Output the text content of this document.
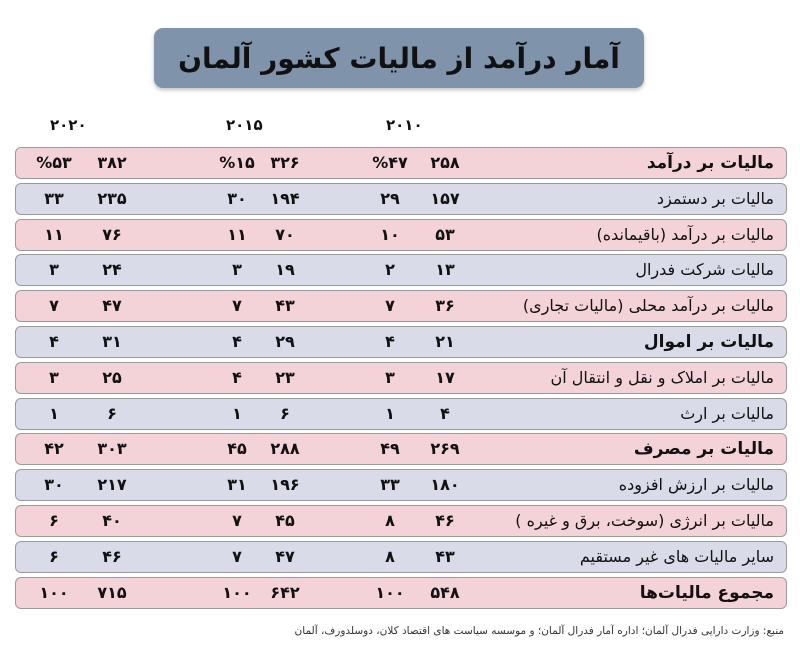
آمار درآمد از مالیات کشور آلمان
۲۰۲۰	۲۰۱۵	۲۰۱۰
مالیات بر درآمد
۲۵۸
%۴۷
۳۲۶
%۱۵
۳۸۲
%۵۳
مالیات بر دستمزد
۱۵۷
۲۹
۱۹۴
۳۰
۲۳۵
۳۳
مالیات بر درآمد (باقیمانده)
۵۳
۱۰
۷۰
۱۱
۷۶
۱۱
مالیات شرکت فدرال
۱۳
۲
۱۹
۳
۲۴
۳
مالیات بر درآمد محلی (مالیات تجاری)
۳۶
۷
۴۳
۷
۴۷
۷
مالیات بر اموال
۲۱
۴
۲۹
۴
۳۱
۴
مالیات بر املاک و نقل و انتقال آن
۱۷
۳
۲۳
۴
۲۵
۳
مالیات بر ارث
۴
۱
۶
۱
۶
۱
مالیات بر مصرف
۲۶۹
۴۹
۲۸۸
۴۵
۳۰۳
۴۲
مالیات بر ارزش افزوده
۱۸۰
۳۳
۱۹۶
۳۱
۲۱۷
۳۰
مالیات بر انرژی (سوخت، برق و غیره )
۴۶
۸
۴۵
۷
۴۰
۶
سایر مالیات های غیر مستقیم
۴۳
۸
۴۷
۷
۴۶
۶
مجموع مالیات‌ها
۵۴۸
۱۰۰
۶۴۲
۱۰۰
۷۱۵
۱۰۰
منبع: وزارت دارایی فدرال آلمان؛ اداره آمار فدرال آلمان؛ و موسسه سیاست های اقتصاد کلان، دوسلدورف، آلمان
